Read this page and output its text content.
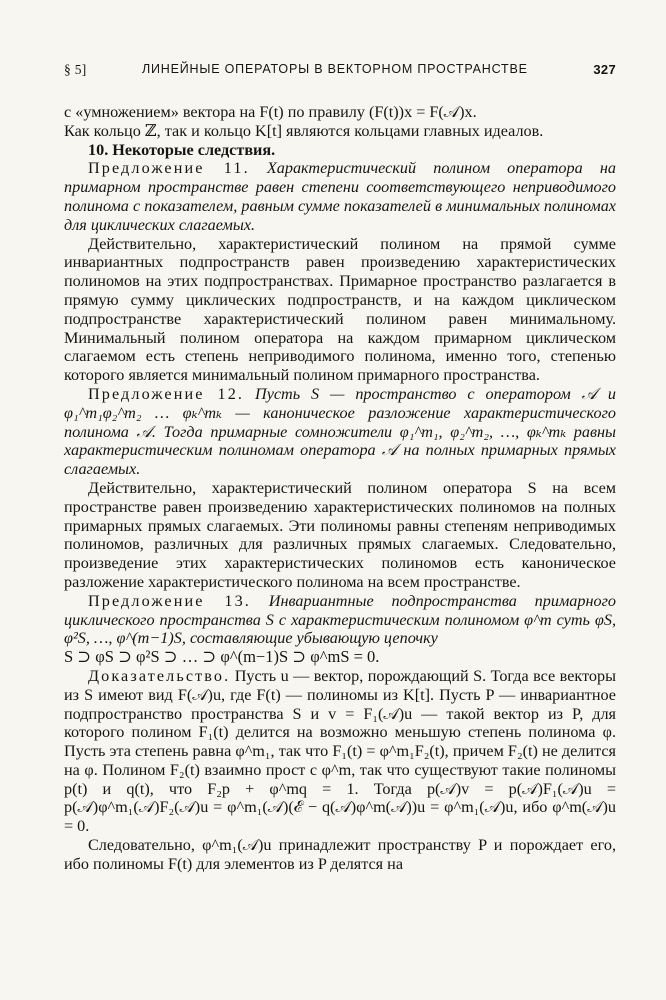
§ 5]	ЛИНЕЙНЫЕ ОПЕРАТОРЫ В ВЕКТОРНОМ ПРОСТРАНСТВЕ	327

с «умножением» вектора на F(t) по правилу (F(t))x = F(𝒜)x.

Как кольцо ℤ, так и кольцо K[t] являются кольцами главных идеалов.

10. Некоторые следствия.

Предложение 11. Характеристический полином оператора на примарном пространстве равен степени соответствующего неприводимого полинома с показателем, равным сумме показателей в минимальных полиномах для циклических слагаемых.

Действительно, характеристический полином на прямой сумме инвариантных подпространств равен произведению характеристических полиномов на этих подпространствах. Примарное пространство разлагается в прямую сумму циклических подпространств, и на каждом циклическом подпространстве характеристический полином равен минимальному. Минимальный полином оператора на каждом примарном циклическом слагаемом есть степень неприводимого полинома, именно того, степенью которого является минимальный полином примарного пространства.

Предложение 12. Пусть S — пространство с оператором 𝒜 и φ₁^m₁φ₂^m₂ … φₖ^mₖ — каноническое разложение характеристического полинома 𝒜. Тогда примарные сомножители φ₁^m₁, φ₂^m₂, …, φₖ^mₖ равны характеристическим полиномам оператора 𝒜 на полных примарных прямых слагаемых.

Действительно, характеристический полином оператора S на всем пространстве равен произведению характеристических полиномов на полных примарных прямых слагаемых. Эти полиномы равны степеням неприводимых полиномов, различных для различных прямых слагаемых. Следовательно, произведение этих характеристических полиномов есть каноническое разложение характеристического полинома на всем пространстве.

Предложение 13. Инвариантные подпространства примарного циклического пространства S с характеристическим полиномом φ^m суть φS, φ²S, …, φ^(m−1)S, составляющие убывающую цепочку

S ⊃ φS ⊃ φ²S ⊃ … ⊃ φ^(m−1)S ⊃ φ^mS = 0.

Доказательство. Пусть u — вектор, порождающий S. Тогда все векторы из S имеют вид F(𝒜)u, где F(t) — полиномы из K[t]. Пусть P — инвариантное подпространство пространства S и v = F₁(𝒜)u — такой вектор из P, для которого полином F₁(t) делится на возможно меньшую степень полинома φ. Пусть эта степень равна φ^m₁, так что F₁(t) = φ^m₁F₂(t), причем F₂(t) не делится на φ. Полином F₂(t) взаимно прост с φ^m, так что существуют такие полиномы p(t) и q(t), что F₂p + φ^mq = 1. Тогда p(𝒜)v = p(𝒜)F₁(𝒜)u = p(𝒜)φ^m₁(𝒜)F₂(𝒜)u = φ^m₁(𝒜)(ℰ − q(𝒜)φ^m(𝒜))u = φ^m₁(𝒜)u, ибо φ^m(𝒜)u = 0.

Следовательно, φ^m₁(𝒜)u принадлежит пространству P и порождает его, ибо полиномы F(t) для элементов из P делятся на
